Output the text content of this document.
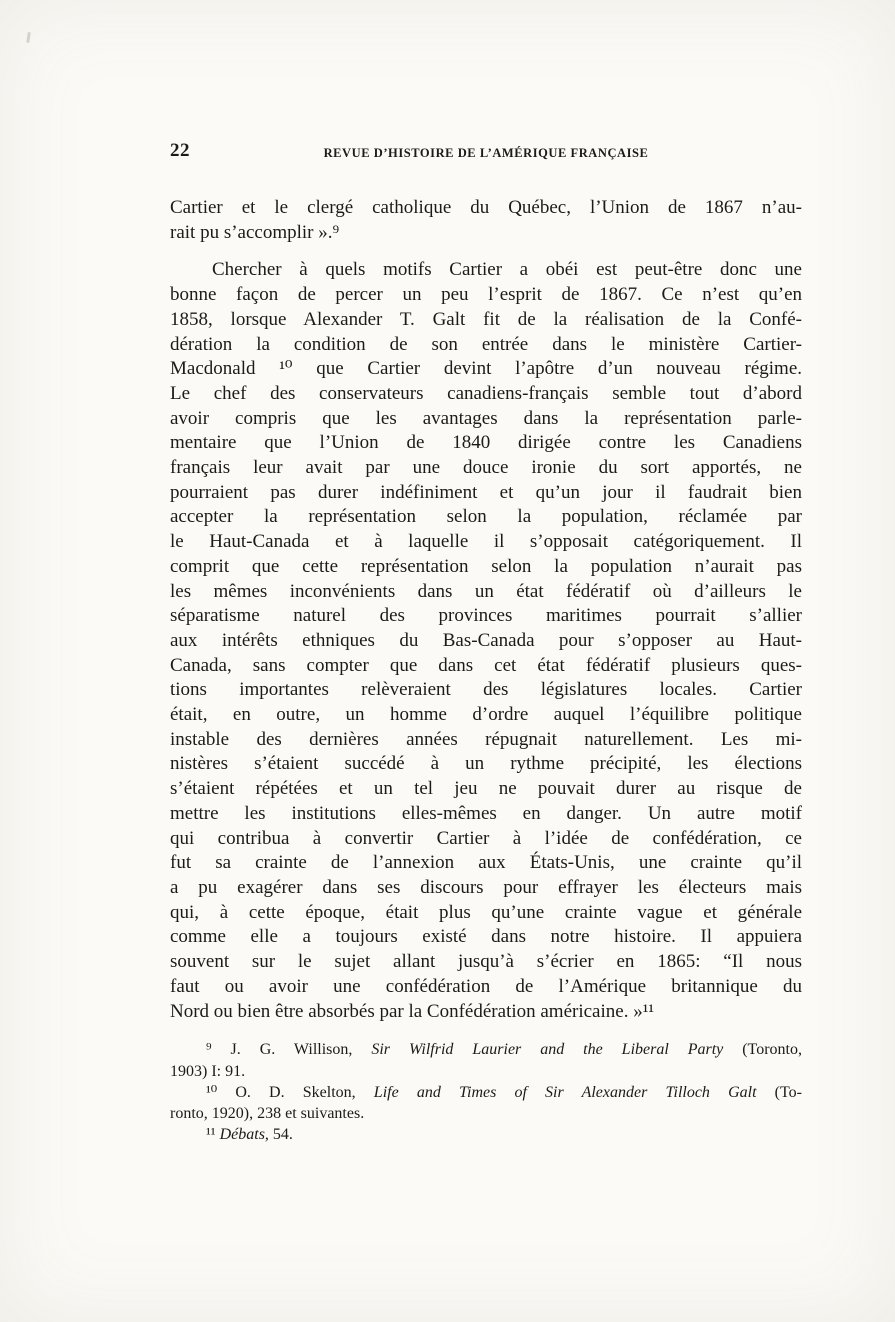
22	REVUE D’HISTOIRE DE L’AMÉRIQUE FRANÇAISE
Cartier et le clergé catholique du Québec, l’Union de 1867 n’au-
rait pu s’accomplir ».⁹
Chercher à quels motifs Cartier a obéi est peut-être donc une
bonne façon de percer un peu l’esprit de 1867. Ce n’est qu’en
1858, lorsque Alexander T. Galt fit de la réalisation de la Confé-
dération la condition de son entrée dans le ministère Cartier-
Macdonald ¹⁰ que Cartier devint l’apôtre d’un nouveau régime.
Le chef des conservateurs canadiens-français semble tout d’abord
avoir compris que les avantages dans la représentation parle-
mentaire que l’Union de 1840 dirigée contre les Canadiens
français leur avait par une douce ironie du sort apportés, ne
pourraient pas durer indéfiniment et qu’un jour il faudrait bien
accepter la représentation selon la population, réclamée par
le Haut-Canada et à laquelle il s’opposait catégoriquement. Il
comprit que cette représentation selon la population n’aurait pas
les mêmes inconvénients dans un état fédératif où d’ailleurs le
séparatisme naturel des provinces maritimes pourrait s’allier
aux intérêts ethniques du Bas-Canada pour s’opposer au Haut-
Canada, sans compter que dans cet état fédératif plusieurs ques-
tions importantes relèveraient des législatures locales. Cartier
était, en outre, un homme d’ordre auquel l’équilibre politique
instable des dernières années répugnait naturellement. Les mi-
nistères s’étaient succédé à un rythme précipité, les élections
s’étaient répétées et un tel jeu ne pouvait durer au risque de
mettre les institutions elles-mêmes en danger. Un autre motif
qui contribua à convertir Cartier à l’idée de confédération, ce
fut sa crainte de l’annexion aux États-Unis, une crainte qu’il
a pu exagérer dans ses discours pour effrayer les électeurs mais
qui, à cette époque, était plus qu’une crainte vague et générale
comme elle a toujours existé dans notre histoire. Il appuiera
souvent sur le sujet allant jusqu’à s’écrier en 1865: “Il nous
faut ou avoir une confédération de l’Amérique britannique du
Nord ou bien être absorbés par la Confédération américaine. »¹¹
⁹ J. G. Willison, Sir Wilfrid Laurier and the Liberal Party (Toronto,
1903) I: 91.
¹⁰ O. D. Skelton, Life and Times of Sir Alexander Tilloch Galt (To-
ronto, 1920), 238 et suivantes.
¹¹ Débats, 54.
